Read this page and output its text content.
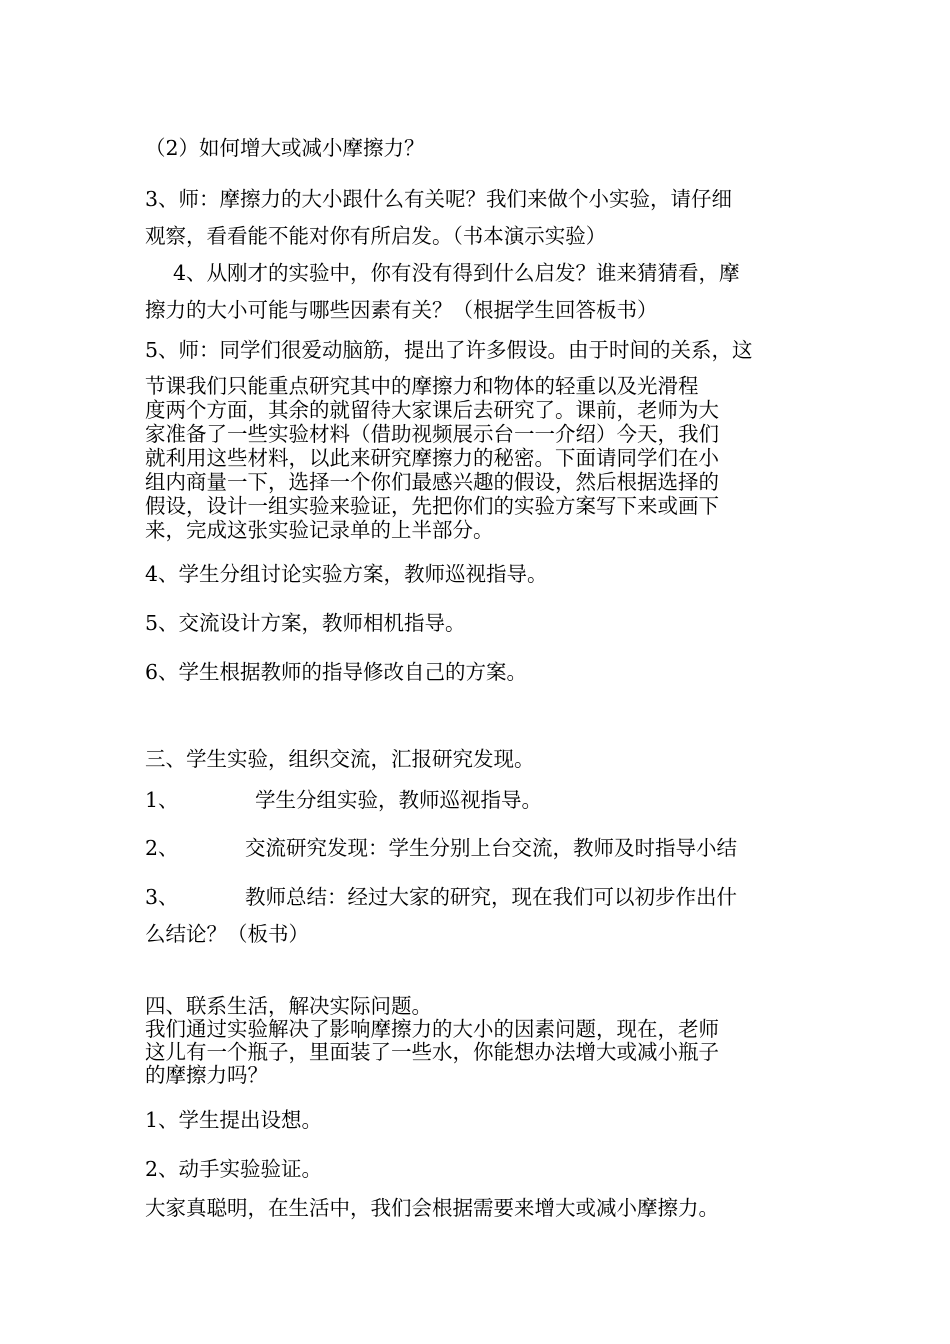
（2）如何增大或减小摩擦力？

3、师：摩擦力的大小跟什么有关呢？我们来做个小实验，请仔细

观察，看看能不能对你有所启发。（书本演示实验）

4、从刚才的实验中，你有没有得到什么启发？谁来猜猜看，摩

擦力的大小可能与哪些因素有关？（根据学生回答板书）

5、师：同学们很爱动脑筋，提出了许多假设。由于时间的关系，这

节课我们只能重点研究其中的摩擦力和物体的轻重以及光滑程

度两个方面，其余的就留待大家课后去研究了。课前，老师为大

家准备了一些实验材料（借助视频展示台一一介绍）今天，我们

就利用这些材料，以此来研究摩擦力的秘密。下面请同学们在小

组内商量一下，选择一个你们最感兴趣的假设，然后根据选择的

假设，设计一组实验来验证，先把你们的实验方案写下来或画下

来，完成这张实验记录单的上半部分。

4、学生分组讨论实验方案，教师巡视指导。

5、交流设计方案，教师相机指导。

6、学生根据教师的指导修改自己的方案。

三、学生实验，组织交流，汇报研究发现。

1、	学生分组实验，教师巡视指导。

2、	交流研究发现：学生分别上台交流，教师及时指导小结

3、	教师总结：经过大家的研究，现在我们可以初步作出什

么结论？（板书）

四、联系生活，解决实际问题。

我们通过实验解决了影响摩擦力的大小的因素问题，现在，老师

这儿有一个瓶子，里面装了一些水，你能想办法增大或减小瓶子

的摩擦力吗？

1、学生提出设想。

2、动手实验验证。

大家真聪明，在生活中，我们会根据需要来增大或减小摩擦力。
